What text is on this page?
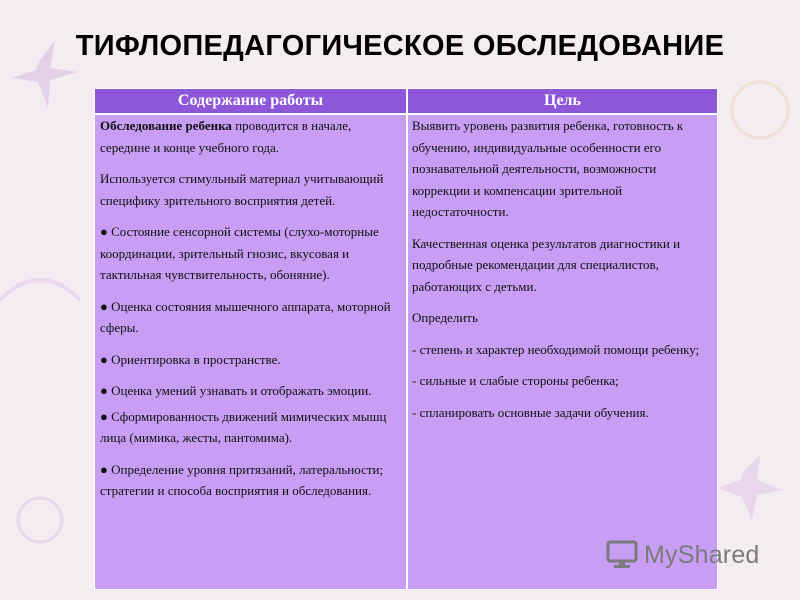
ТИФЛОПЕДАГОГИЧЕСКОЕ ОБСЛЕДОВАНИЕ
Содержание работы	Цель

Обследование ребенка проводится в начале, середине и конце учебного года.

Используется стимульный материал учитывающий специфику зрительного восприятия детей.

● Состояние сенсорной системы (слухо-моторные координации, зрительный гнозис, вкусовая и тактильная чувствительность, обоняние).

● Оценка состояния мышечного аппарата, моторной сферы.

● Ориентировка в пространстве.

● Оценка умений узнавать и отображать эмоции.

● Сформированность движений мимических мышц лица (мимика, жесты, пантомима).

● Определение уровня притязаний, латеральности; стратегии и способа восприятия и обследования.

Выявить уровень развития ребенка, готовность к обучению, индивидуальные особенности его познавательной деятельности, возможности коррекции и компенсации зрительной недостаточности.

Качественная оценка результатов диагностики и подробные рекомендации для специалистов, работающих с детьми.

Определить

- степень и характер необходимой помощи ребенку;

- сильные и слабые стороны ребенка;

- спланировать основные задачи обучения.

MyShared
